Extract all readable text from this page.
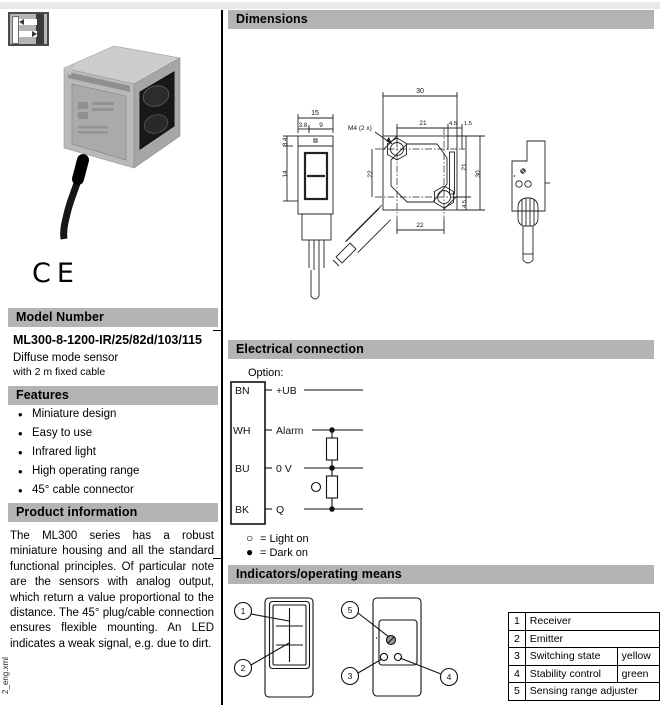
CE
Model Number
ML300-8-1200-IR/25/82d/103/115
Diffuse mode sensor
with 2 m fixed cable
Features
• Miniature design
• Easy to use
• Infrared light
• High operating range
• 45° cable connector
Product information
The ML300 series has a robust miniature housing and all the standard functional principles. Of particular note are the sensors with analog output, which return a value proportional to the distance. The 45° plug/cable connection ensures flexible mounting. An LED indicates a weak signal, e.g. due to dirt.
2_eng.xml
Dimensions
15
3.8 9
3.4
14
30
21	4.5 1.5
M4 (2 x)
22
21
30
4.5
22
Electrical connection
Option:
BN	+UB
WH Alarm
BU	0 V
BK	Q
○ = Light on
● = Dark on
Indicators/operating means
1
2
5
3	4
1	Receiver	
2	Emitter	
3	Switching state	yellow
4	Stability control	green
5	Sensing range adjuster	
